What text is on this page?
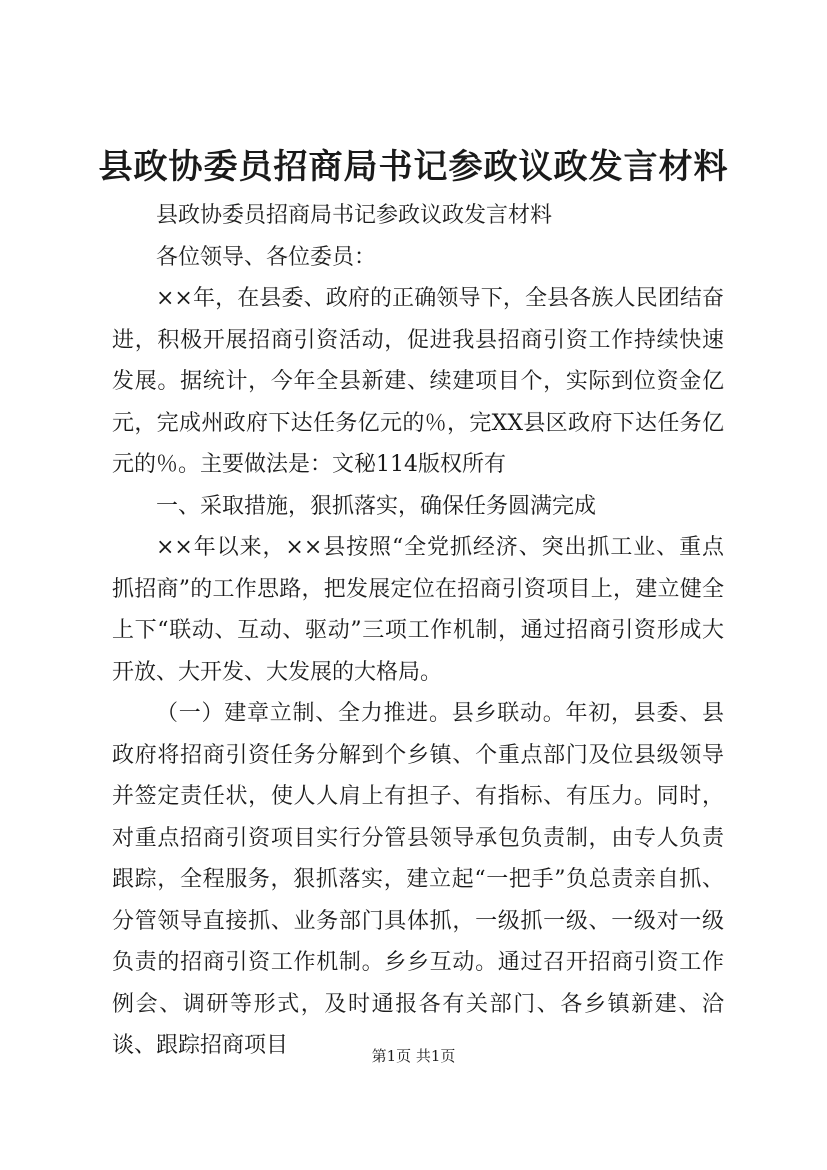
县政协委员招商局书记参政议政发言材料

县政协委员招商局书记参政议政发言材料

各位领导、各位委员：

××年，在县委、政府的正确领导下，全县各族人民团结奋进，积极开展招商引资活动，促进我县招商引资工作持续快速发展。据统计，今年全县新建、续建项目个，实际到位资金亿元，完成州政府下达任务亿元的％，完XX县区政府下达任务亿元的％。主要做法是：文秘114版权所有

一、采取措施，狠抓落实，确保任务圆满完成

××年以来，××县按照“全党抓经济、突出抓工业、重点抓招商”的工作思路，把发展定位在招商引资项目上，建立健全上下“联动、互动、驱动”三项工作机制，通过招商引资形成大开放、大开发、大发展的大格局。

（一）建章立制、全力推进。县乡联动。年初，县委、县政府将招商引资任务分解到个乡镇、个重点部门及位县级领导并签定责任状，使人人肩上有担子、有指标、有压力。同时，对重点招商引资项目实行分管县领导承包负责制，由专人负责跟踪，全程服务，狠抓落实，建立起“一把手”负总责亲自抓、分管领导直接抓、业务部门具体抓，一级抓一级、一级对一级负责的招商引资工作机制。乡乡互动。通过召开招商引资工作例会、调研等形式，及时通报各有关部门、各乡镇新建、洽谈、跟踪招商项目	第1页 共1页
